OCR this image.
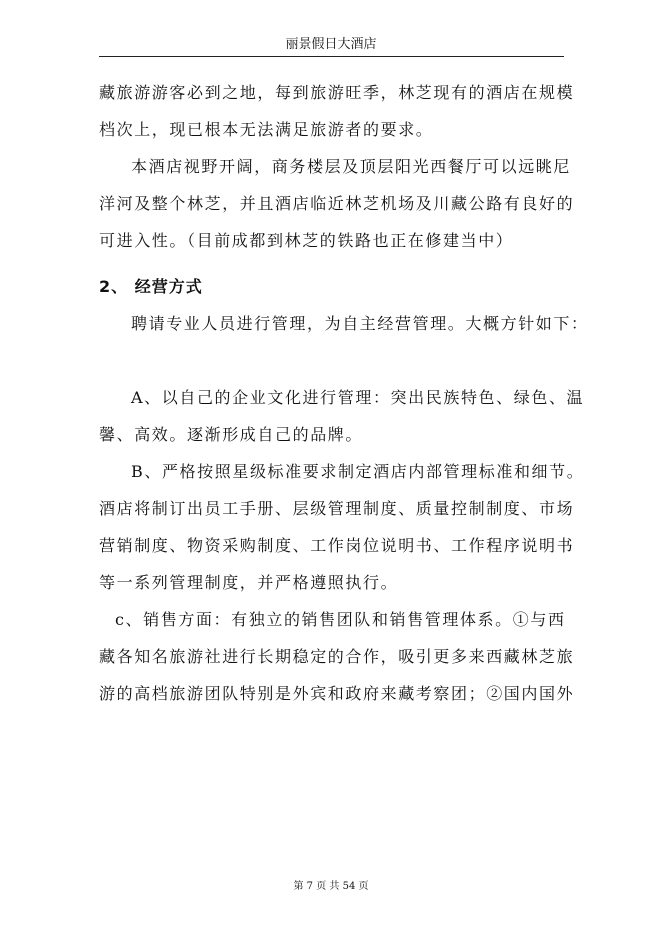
丽景假日大酒店
藏旅游游客必到之地，每到旅游旺季，林芝现有的酒店在规模
档次上，现已根本无法满足旅游者的要求。
本酒店视野开阔，商务楼层及顶层阳光西餐厅可以远眺尼
洋河及整个林芝，并且酒店临近林芝机场及川藏公路有良好的
可进入性。（目前成都到林芝的铁路也正在修建当中）
2、 经营方式
聘请专业人员进行管理，为自主经营管理。大概方针如下：
A、以自己的企业文化进行管理：突出民族特色、绿色、温
馨、高效。逐渐形成自己的品牌。
B、严格按照星级标准要求制定酒店内部管理标准和细节。
酒店将制订出员工手册、层级管理制度、质量控制制度、市场
营销制度、物资采购制度、工作岗位说明书、工作程序说明书
等一系列管理制度，并严格遵照执行。
c、销售方面：有独立的销售团队和销售管理体系。①与西
藏各知名旅游社进行长期稳定的合作，吸引更多来西藏林芝旅
游的高档旅游团队特别是外宾和政府来藏考察团；②国内国外
第 7 页 共 54 页
